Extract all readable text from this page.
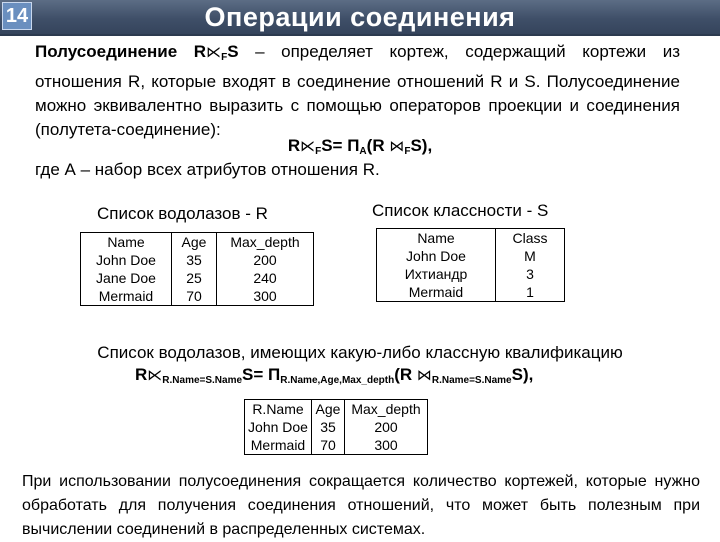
14	Операции соединения
Полусоединение $R⋉_FS$ – определяет кортеж, содержащий кортежи из отношения R, которые входят в соединение отношений R и S. Полусоединение можно эквивалентно выразить с помощью операторов проекции и соединения (полутета-соединение):
$R⋉_FS= П_A(R$ $⋈_FS$),
где А – набор всех атрибутов отношения R.
Список водолазов - R
Name	Age	Max_depth
John Doe	35	200
Jane Doe	25	240
Mermaid	70	300
Список классности - S
Name	Class
John Doe	M
Ихтиандр	3
Mermaid	1
Список водолазов, имеющих какую-либо классную квалификацию
$R⋉_{R.Name=S.Name}S= П_{R.Name,Age,Max\_depth}(R$ $⋈_{R.Name=S.Name}S$),
R.Name	Age	Max_depth
John Doe	35	200
Mermaid	70	300
При использовании полусоединения сокращается количество кортежей, которые нужно обработать для получения соединения отношений, что может быть полезным при вычислении соединений в распределенных системах.
